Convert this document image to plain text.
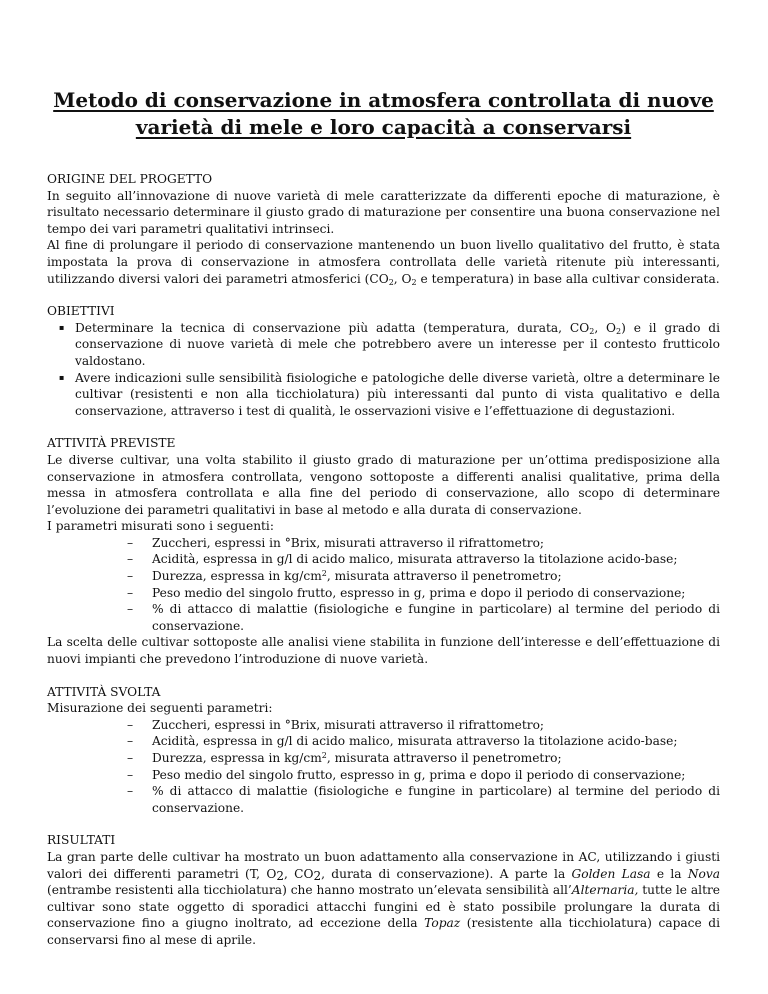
Metodo di conservazione in atmosfera controllata di nuove
varietà di mele e loro capacità a conservarsi

ORIGINE DEL PROGETTO

In seguito all’innovazione di nuove varietà di mele caratterizzate da differenti epoche di maturazione, è risultato necessario determinare il giusto grado di maturazione per consentire una buona conservazione nel tempo dei vari parametri qualitativi intrinseci.

Al fine di prolungare il periodo di conservazione mantenendo un buon livello qualitativo del frutto, è stata impostata la prova di conservazione in atmosfera controllata delle varietà ritenute più interessanti, utilizzando diversi valori dei parametri atmosferici ($CO_2$, $O_2$ e temperatura) in base alla cultivar considerata.

OBIETTIVI

▪ Determinare la tecnica di conservazione più adatta (temperatura, durata, $CO_2$, $O_2$) e il grado di conservazione di nuove varietà di mele che potrebbero avere un interesse per il contesto frutticolo valdostano.
▪ Avere indicazioni sulle sensibilità fisiologiche e patologiche delle diverse varietà, oltre a determinare le cultivar (resistenti e non alla ticchiolatura) più interessanti dal punto di vista qualitativo e della conservazione, attraverso i test di qualità, le osservazioni visive e l’effettuazione di degustazioni.

ATTIVITÀ PREVISTE

Le diverse cultivar, una volta stabilito il giusto grado di maturazione per un’ottima predisposizione alla conservazione in atmosfera controllata, vengono sottoposte a differenti analisi qualitative, prima della messa in atmosfera controllata e alla fine del periodo di conservazione, allo scopo di determinare l’evoluzione dei parametri qualitativi in base al metodo e alla durata di conservazione.

I parametri misurati sono i seguenti:

– Zuccheri, espressi in °Brix, misurati attraverso il rifrattometro;
– Acidità, espressa in g/l di acido malico, misurata attraverso la titolazione acido-base;
– Durezza, espressa in $kg/cm^2$, misurata attraverso il penetrometro;
– Peso medio del singolo frutto, espresso in g, prima e dopo il periodo di conservazione;
– % di attacco di malattie (fisiologiche e fungine in particolare) al termine del periodo di conservazione.

La scelta delle cultivar sottoposte alle analisi viene stabilita in funzione dell’interesse e dell’effettuazione di nuovi impianti che prevedono l’introduzione di nuove varietà.

ATTIVITÀ SVOLTA

Misurazione dei seguenti parametri:

– Zuccheri, espressi in °Brix, misurati attraverso il rifrattometro;
– Acidità, espressa in g/l di acido malico, misurata attraverso la titolazione acido-base;
– Durezza, espressa in $kg/cm^2$, misurata attraverso il penetrometro;
– Peso medio del singolo frutto, espresso in g, prima e dopo il periodo di conservazione;
– % di attacco di malattie (fisiologiche e fungine in particolare) al termine del periodo di conservazione.

RISULTATI

La gran parte delle cultivar ha mostrato un buon adattamento alla conservazione in AC, utilizzando i giusti valori dei differenti parametri (T, $O_2$, $CO_2$, durata di conservazione). A parte la Golden Lasa e la Nova (entrambe resistenti alla ticchiolatura) che hanno mostrato un’elevata sensibilità all’Alternaria, tutte le altre cultivar sono state oggetto di sporadici attacchi fungini ed è stato possibile prolungare la durata di conservazione fino a giugno inoltrato, ad eccezione della Topaz (resistente alla ticchiolatura) capace di conservarsi fino al mese di aprile.
